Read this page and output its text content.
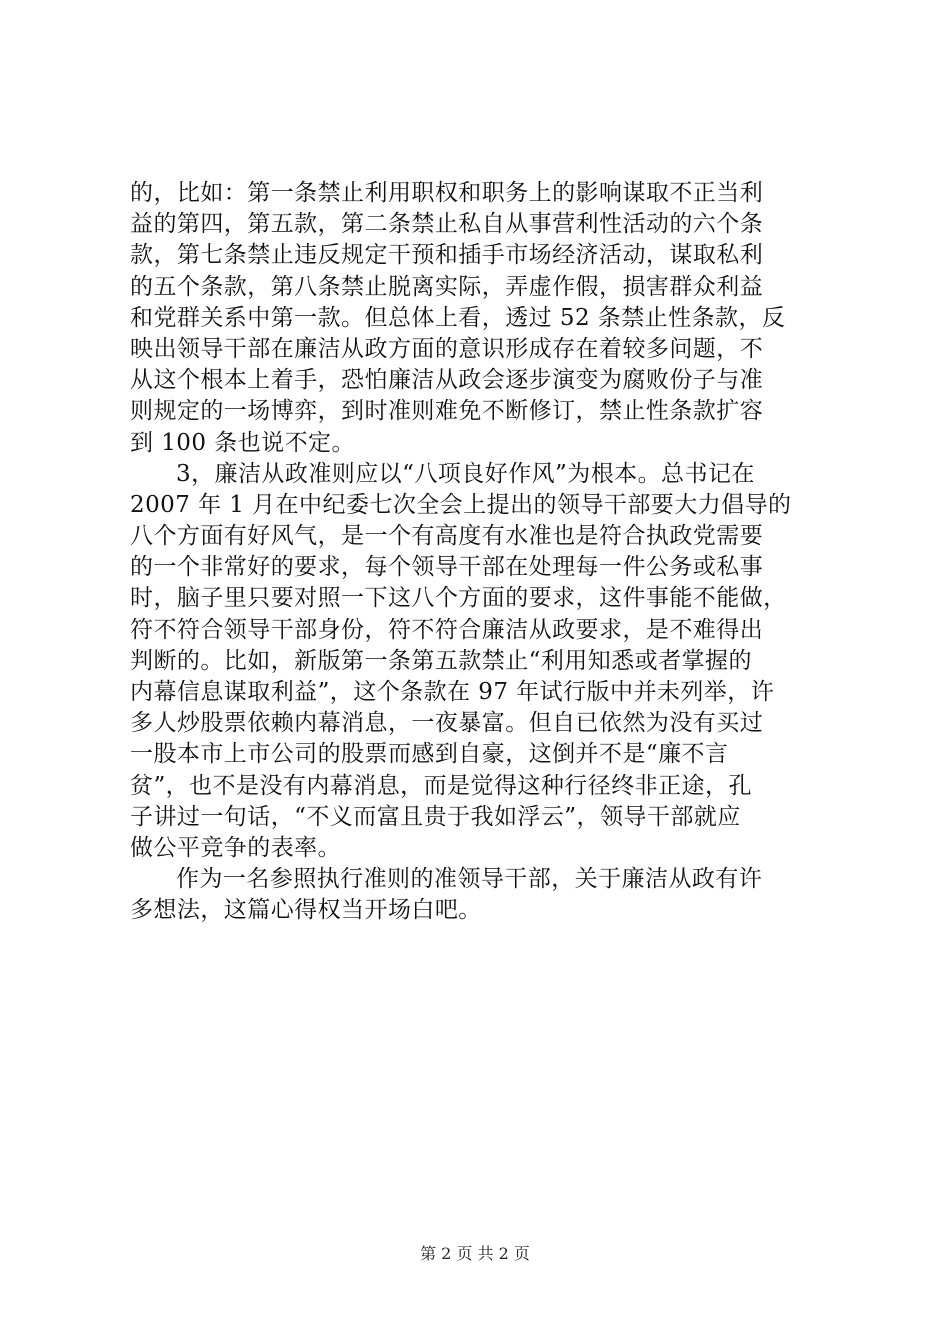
的，比如：第一条禁止利用职权和职务上的影响谋取不正当利
益的第四，第五款，第二条禁止私自从事营利性活动的六个条
款，第七条禁止违反规定干预和插手市场经济活动，谋取私利
的五个条款，第八条禁止脱离实际，弄虚作假，损害群众利益
和党群关系中第一款。但总体上看，透过 52 条禁止性条款，反
映出领导干部在廉洁从政方面的意识形成存在着较多问题，不
从这个根本上着手，恐怕廉洁从政会逐步演变为腐败份子与准
则规定的一场博弈，到时准则难免不断修订，禁止性条款扩容
到 100 条也说不定。
3，廉洁从政准则应以“八项良好作风”为根本。总书记在
2007 年 1 月在中纪委七次全会上提出的领导干部要大力倡导的
八个方面有好风气，是一个有高度有水准也是符合执政党需要
的一个非常好的要求，每个领导干部在处理每一件公务或私事
时，脑子里只要对照一下这八个方面的要求，这件事能不能做，
符不符合领导干部身份，符不符合廉洁从政要求，是不难得出
判断的。比如，新版第一条第五款禁止“利用知悉或者掌握的
内幕信息谋取利益”，这个条款在 97 年试行版中并未列举，许
多人炒股票依赖内幕消息，一夜暴富。但自已依然为没有买过
一股本市上市公司的股票而感到自豪，这倒并不是“廉不言
贫”，也不是没有内幕消息，而是觉得这种行径终非正途，孔
子讲过一句话，“不义而富且贵于我如浮云”，领导干部就应
做公平竞争的表率。
作为一名参照执行准则的准领导干部，关于廉洁从政有许
多想法，这篇心得权当开场白吧。
第 2 页 共 2 页
